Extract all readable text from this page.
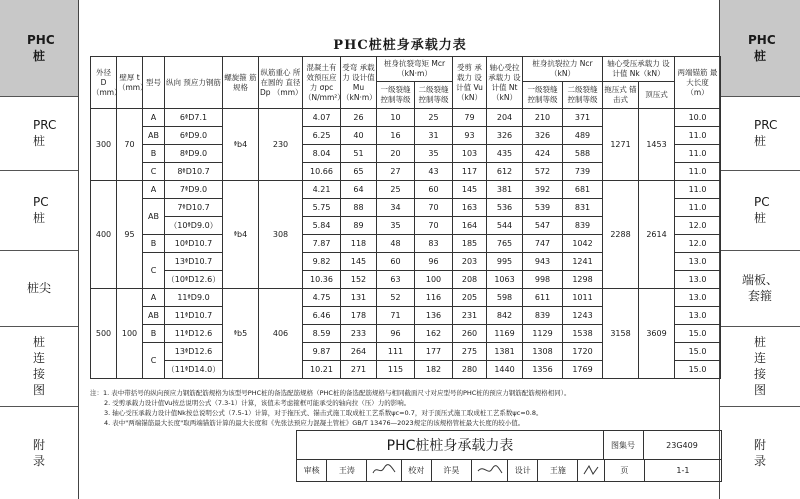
PHC桩
PRC桩
PC桩
桩尖
桩连接图
附录
PHC桩
PRC桩
PC桩
端板、套箍
桩连接图
附录
PHC桩桩身承载力表
外径 D （mm）	壁厚 t （mm）	型号	纵向 预应力钢筋	螺旋箍 筋规格	纵筋重心 所在圆的 直径 Dp （mm）	混凝土有 效预压应 力 σpc （N/mm²）	受弯 承载力 设计值Mu （kN·m）	桩身抗裂弯矩 Mcr（kN·m）		受剪 承载力 设计值 Vu （kN）	轴心受拉 承载力 设计值 Nt （kN）	桩身抗裂拉力 Ncr（kN）		轴心受压承载力 设计值 Nk（kN）		两端锚筋 最大长度 （m）
								一级裂缝 控制等级	二级裂缝 控制等级			一级裂缝 控制等级	二级裂缝 控制等级	拖压式 锚击式	顶压式	

300	70	A	6ᶲD7.1	ᶲb4	230	4.07	26	10	25	79	204	210	371	1271	1453	10.0
		AB	6ᶲD9.0			6.25	40	16	31	93	326	326	489			11.0
		B	8ᶲD9.0			8.04	51	20	35	103	435	424	588			11.0
		C	8ᶲD10.7			10.66	65	27	43	117	612	572	739			11.0
400	95	A	7ᶲD9.0	ᶲb4	308	4.21	64	25	60	145	381	392	681	2288	2614	11.0
		AB	7ᶲD10.7			5.75	88	34	70	163	536	539	831			11.0
			（10ᶲD9.0）			5.84	89	35	70	164	544	547	839			12.0
		B	10ᶲD10.7			7.87	118	48	83	185	765	747	1042			12.0
		C	13ᶲD10.7			9.82	145	60	96	203	995	943	1241			13.0
			（10ᶲD12.6）			10.36	152	63	100	208	1063	998	1298			13.0
500	100	A	11ᶲD9.0	ᶲb5	406	4.75	131	52	116	205	598	611	1011	3158	3609	13.0
		AB	11ᶲD10.7			6.46	178	71	136	231	842	839	1243			13.0
		B	11ᶲD12.6			8.59	233	96	162	260	1169	1129	1538			15.0
		C	13ᶲD12.6			9.87	264	111	177	275	1381	1308	1720			15.0
			（11ᶲD14.0）			10.21	271	115	182	280	1440	1356	1769			15.0
注：1. 表中带括号的纵向预应力钢筋配筋规格为该型号PHC桩的备选配筋规格（PHC桩的备选配筋规格与相同截面尺寸对应型号的PHC桩的预应力钢筋配筋规格相同）。
2. 受剪承载力设计值Vu按总说明公式（7.3-1）计算，该值未考虑箍框可能承受的轴向拉（压）力的影响。
3. 轴心受压承载力设计值Nk按总说明公式（7.5-1）计算，对于拖压式、锚击式施工取成桩工艺系数ψc=0.7，对于顶压式施工取成桩工艺系数ψc=0.8。
4. 表中"两端锚筋最大长度"取两端锚筋计算的最大长度和《先张法预应力混凝土管桩》GB/T 13476—2023规定的该规格管桩最大长度的较小值。
PHC桩桩身承载力表	图集号	23G409
审核	王涛	校对	许昊	设计	王施	页	1-1
